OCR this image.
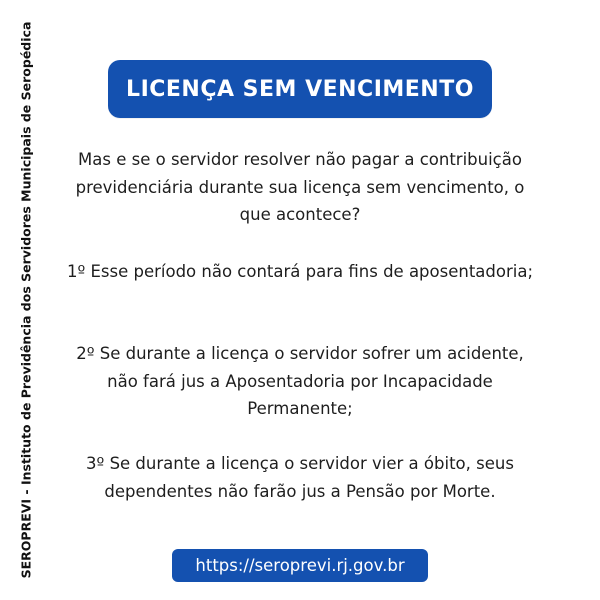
SEROPREVI - Instituto de Previdência dos Servidores Municipais de Seropédica	LICENÇA SEM VENCIMENTO
Mas e se o servidor resolver não pagar a contribuição previdenciária durante sua licença sem vencimento, o que acontece?
1º Esse período não contará para fins de aposentadoria;
2º Se durante a licença o servidor sofrer um acidente, não fará jus a Aposentadoria por Incapacidade Permanente;
3º Se durante a licença o servidor vier a óbito, seus dependentes não farão jus a Pensão por Morte.
https://seroprevi.rj.gov.br
